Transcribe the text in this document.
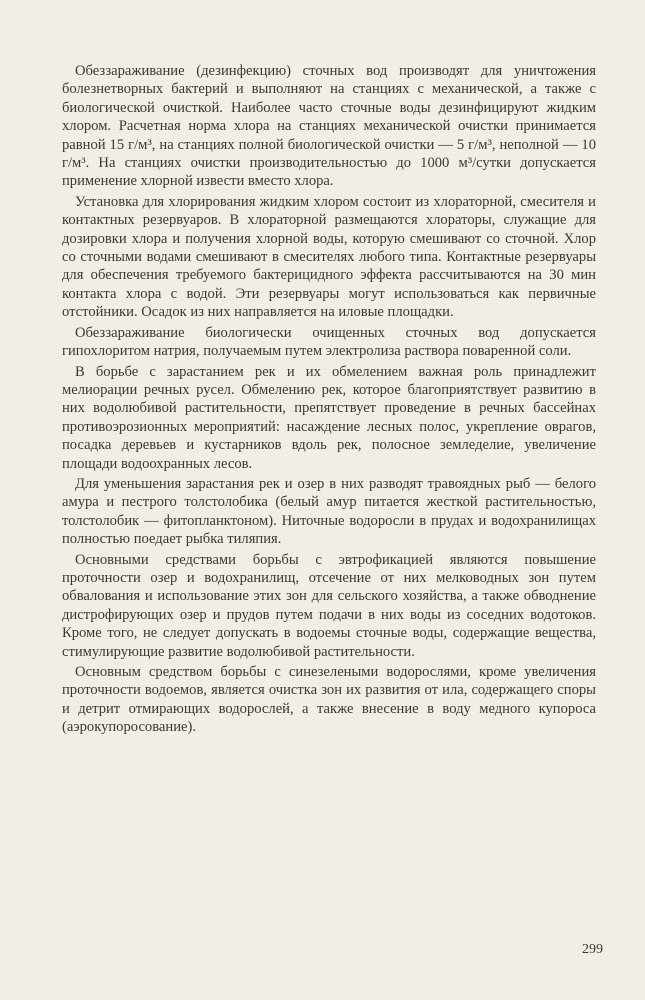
Обеззараживание (дезинфекцию) сточных вод производят для уничтожения болезнетворных бактерий и выполняют на станциях с механической, а также с биологической очисткой. Наиболее часто сточные воды дезинфицируют жидким хлором. Расчетная норма хлора на станциях механической очистки принимается равной 15 г/м³, на станциях полной биологической очистки — 5 г/м³, неполной — 10 г/м³. На станциях очистки производительностью до 1000 м³/сутки допускается применение хлорной извести вместо хлора.

Установка для хлорирования жидким хлором состоит из хлораторной, смесителя и контактных резервуаров. В хлораторной размещаются хлораторы, служащие для дозировки хлора и получения хлорной воды, которую смешивают со сточной. Хлор со сточными водами смешивают в смесителях любого типа. Контактные резервуары для обеспечения требуемого бактерицидного эффекта рассчитываются на 30 мин контакта хлора с водой. Эти резервуары могут использоваться как первичные отстойники. Осадок из них направляется на иловые площадки.

Обеззараживание биологически очищенных сточных вод допускается гипохлоритом натрия, получаемым путем электролиза раствора поваренной соли.

В борьбе с зарастанием рек и их обмелением важная роль принадлежит мелиорации речных русел. Обмелению рек, которое благоприятствует развитию в них водолюбивой растительности, препятствует проведение в речных бассейнах противоэрозионных мероприятий: насаждение лесных полос, укрепление оврагов, посадка деревьев и кустарников вдоль рек, полосное земледелие, увеличение площади водоохранных лесов.

Для уменьшения зарастания рек и озер в них разводят травоядных рыб — белого амура и пестрого толстолобика (белый амур питается жесткой растительностью, толстолобик — фитопланктоном). Ниточные водоросли в прудах и водохранилищах полностью поедает рыбка тиляпия.

Основными средствами борьбы с эвтрофикацией являются повышение проточности озер и водохранилищ, отсечение от них мелководных зон путем обвалования и использование этих зон для сельского хозяйства, а также обводнение дистрофирующих озер и прудов путем подачи в них воды из соседних водотоков. Кроме того, не следует допускать в водоемы сточные воды, содержащие вещества, стимулирующие развитие водолюбивой растительности.

Основным средством борьбы с синезелеными водорослями, кроме увеличения проточности водоемов, является очистка зон их развития от ила, содержащего споры и детрит отмирающих водорослей, а также внесение в воду медного купороса (аэрокупоросование).

299
